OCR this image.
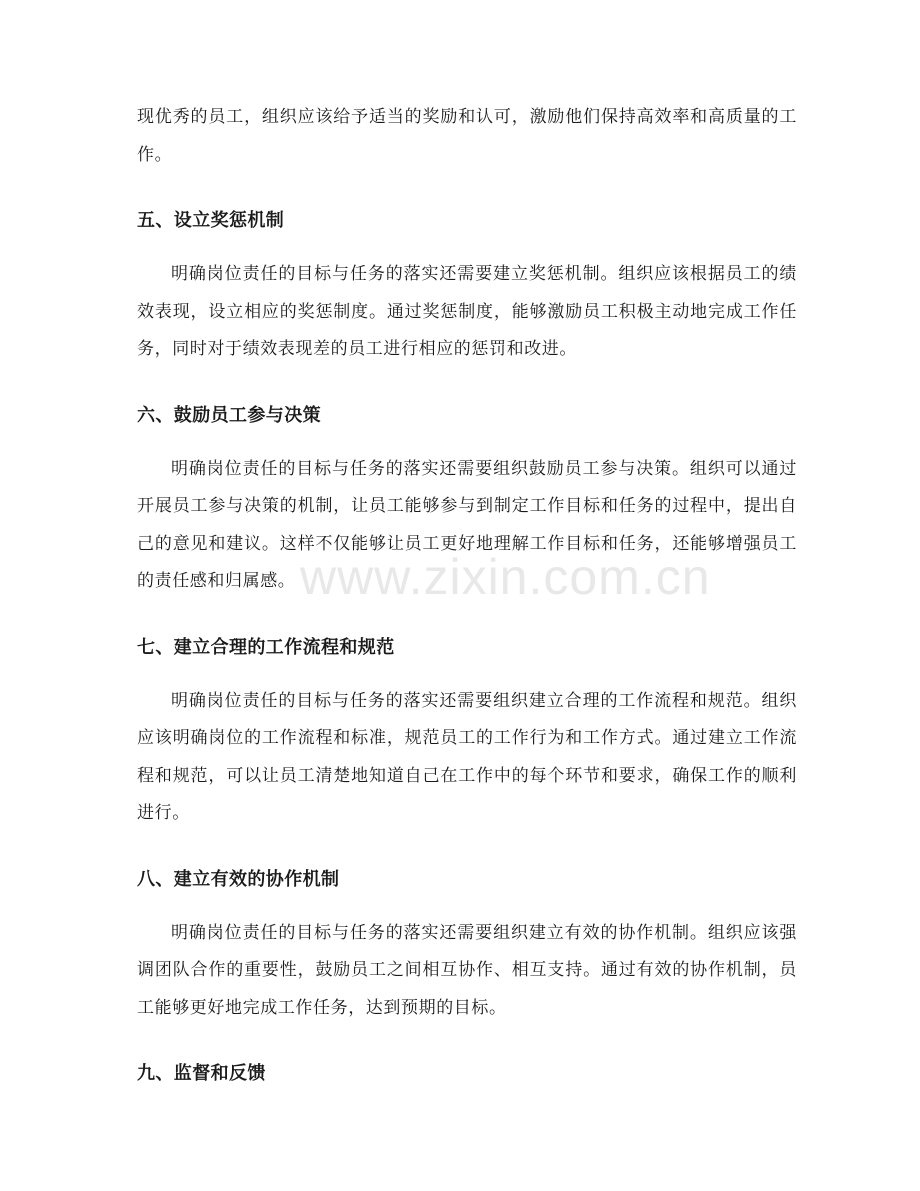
www.zixin.com.cn

现优秀的员工，组织应该给予适当的奖励和认可，激励他们保持高效率和高质量的工作。

五、设立奖惩机制

明确岗位责任的目标与任务的落实还需要建立奖惩机制。组织应该根据员工的绩效表现，设立相应的奖惩制度。通过奖惩制度，能够激励员工积极主动地完成工作任务，同时对于绩效表现差的员工进行相应的惩罚和改进。

六、鼓励员工参与决策

明确岗位责任的目标与任务的落实还需要组织鼓励员工参与决策。组织可以通过开展员工参与决策的机制，让员工能够参与到制定工作目标和任务的过程中，提出自己的意见和建议。这样不仅能够让员工更好地理解工作目标和任务，还能够增强员工的责任感和归属感。

七、建立合理的工作流程和规范

明确岗位责任的目标与任务的落实还需要组织建立合理的工作流程和规范。组织应该明确岗位的工作流程和标准，规范员工的工作行为和工作方式。通过建立工作流程和规范，可以让员工清楚地知道自己在工作中的每个环节和要求，确保工作的顺利进行。

八、建立有效的协作机制

明确岗位责任的目标与任务的落实还需要组织建立有效的协作机制。组织应该强调团队合作的重要性，鼓励员工之间相互协作、相互支持。通过有效的协作机制，员工能够更好地完成工作任务，达到预期的目标。

九、监督和反馈
